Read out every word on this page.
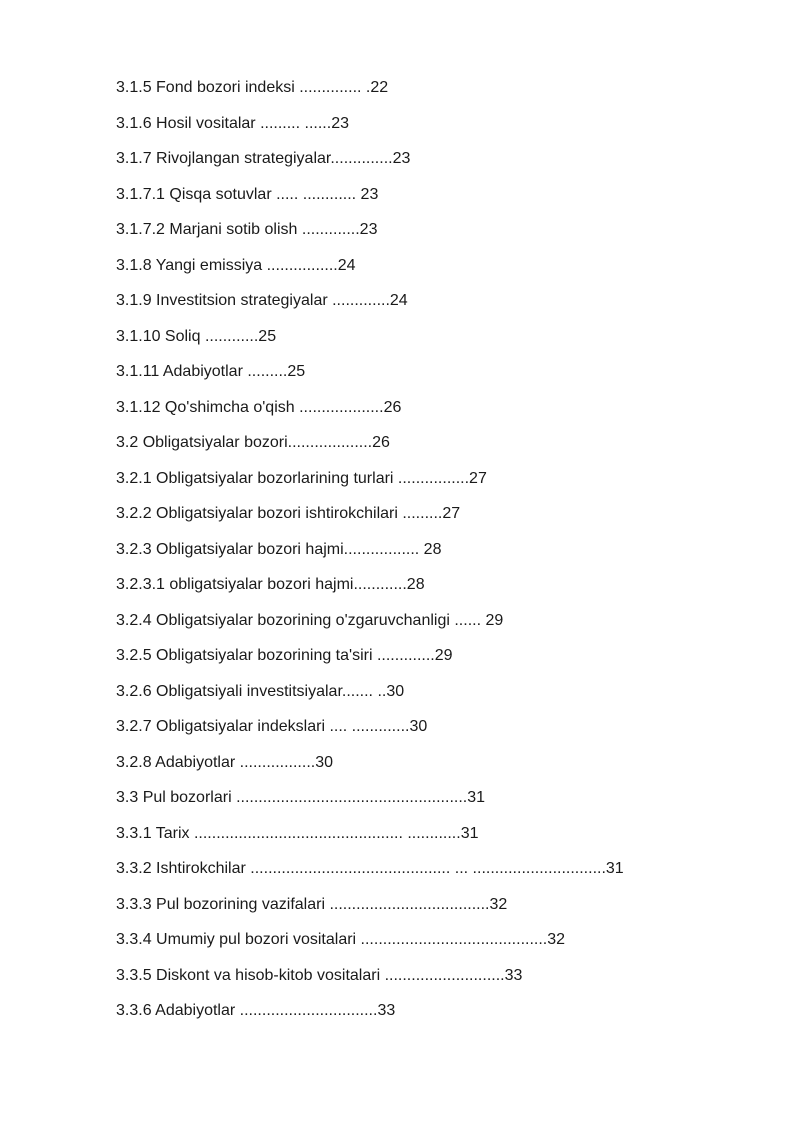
3.1.5 Fond bozori indeksi .............. .22
3.1.6 Hosil vositalar ......... ......23
3.1.7 Rivojlangan strategiyalar..............23
3.1.7.1 Qisqa sotuvlar ..... ............ 23
3.1.7.2 Marjani sotib olish .............23
3.1.8 Yangi emissiya ................24
3.1.9 Investitsion strategiyalar .............24
3.1.10 Soliq ............25
3.1.11 Adabiyotlar .........25
3.1.12 Qo'shimcha o'qish ...................26
3.2 Obligatsiyalar bozori...................26
3.2.1 Obligatsiyalar bozorlarining turlari ................27
3.2.2 Obligatsiyalar bozori ishtirokchilari .........27
3.2.3 Obligatsiyalar bozori hajmi................. 28
3.2.3.1 obligatsiyalar bozori hajmi............28
3.2.4 Obligatsiyalar bozorining o'zgaruvchanligi ...... 29
3.2.5 Obligatsiyalar bozorining ta'siri .............29
3.2.6 Obligatsiyali investitsiyalar....... ..30
3.2.7 Obligatsiyalar indekslari .... .............30
3.2.8 Adabiyotlar .................30
3.3 Pul bozorlari ....................................................31
3.3.1 Tarix ............................................... ............31
3.3.2 Ishtirokchilar ............................................. ... ..............................31
3.3.3 Pul bozorining vazifalari ....................................32
3.3.4 Umumiy pul bozori vositalari ..........................................32
3.3.5 Diskont va hisob-kitob vositalari ...........................33
3.3.6 Adabiyotlar ...............................33
